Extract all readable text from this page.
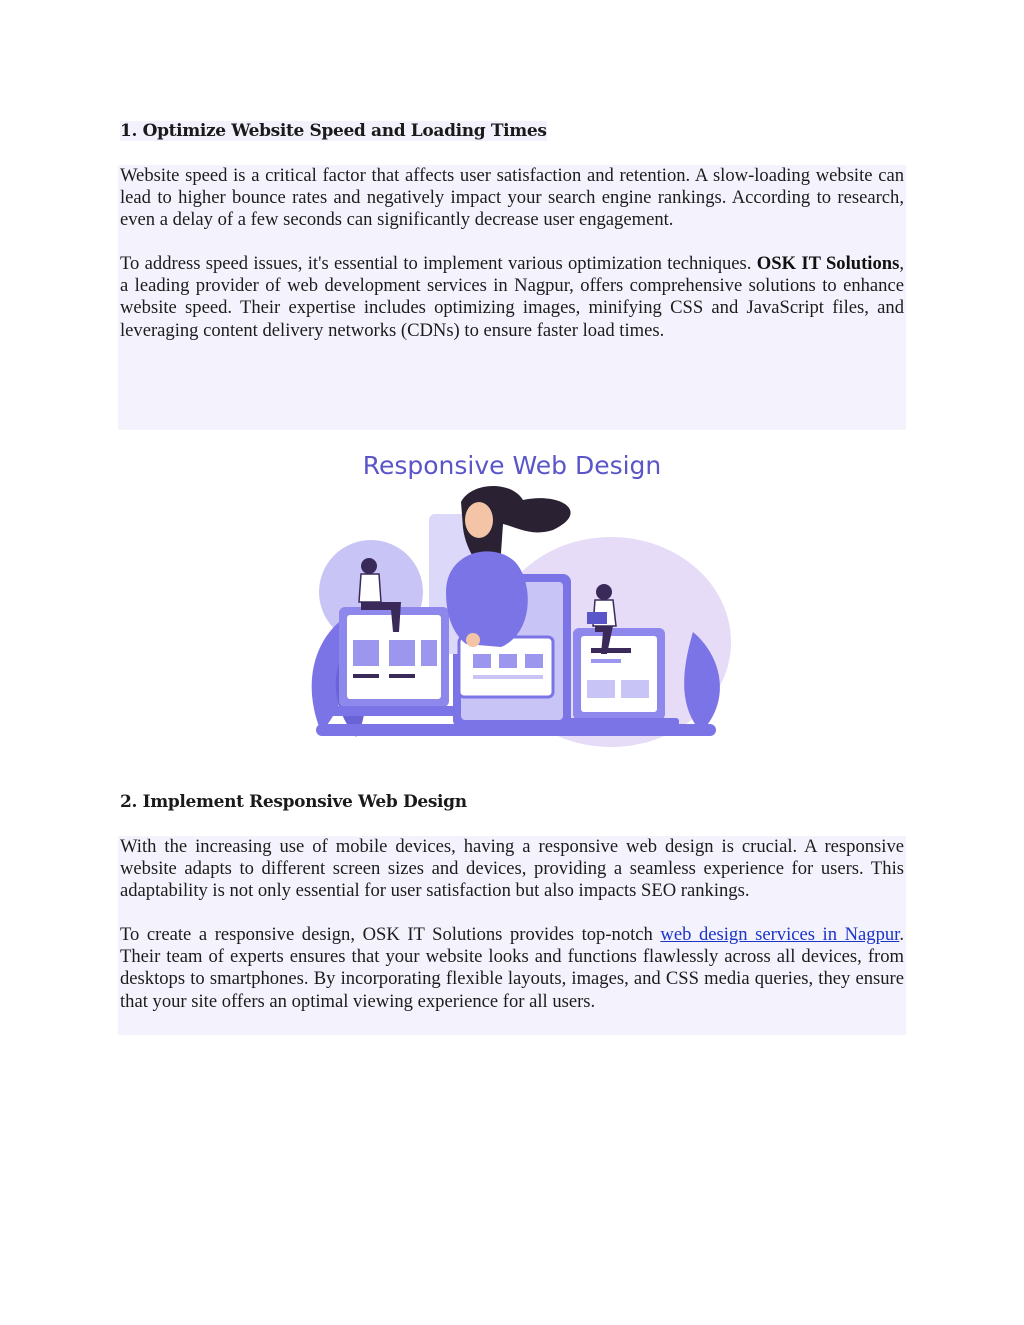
1. Optimize Website Speed and Loading Times

Website speed is a critical factor that affects user satisfaction and retention. A slow-loading website can lead to higher bounce rates and negatively impact your search engine rankings. According to research, even a delay of a few seconds can significantly decrease user engagement.

To address speed issues, it's essential to implement various optimization techniques. OSK IT Solutions, a leading provider of web development services in Nagpur, offers comprehensive solutions to enhance website speed. Their expertise includes optimizing images, minifying CSS and JavaScript files, and leveraging content delivery networks (CDNs) to ensure faster load times.

Responsive Web Design
2. Implement Responsive Web Design

With the increasing use of mobile devices, having a responsive web design is crucial. A responsive website adapts to different screen sizes and devices, providing a seamless experience for users. This adaptability is not only essential for user satisfaction but also impacts SEO rankings.

To create a responsive design, OSK IT Solutions provides top-notch web design services in Nagpur. Their team of experts ensures that your website looks and functions flawlessly across all devices, from desktops to smartphones. By incorporating flexible layouts, images, and CSS media queries, they ensure that your site offers an optimal viewing experience for all users.
